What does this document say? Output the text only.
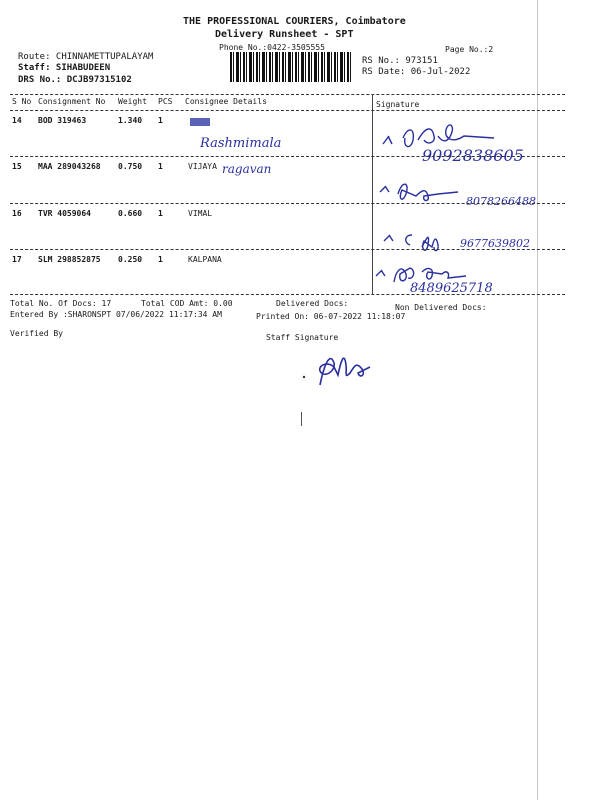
THE PROFESSIONAL COURIERS, Coimbatore
Delivery Runsheet - SPT
Phone No.:0422-3505555	Page No.:2
RS No.: 973151
RS Date: 06-Jul-2022
Route: CHINNAMETTUPALAYAM
Staff: SIHABUDEEN
DRS No.: DCJB97315102
S No Consignment No Weight PCS Consignee Details	Signature
14 BOD 319463	1.340 1
Rashmimala
9092838605
15 MAA 289043268 0.750 1	VIJAYA ragavan
8078266488
16 TVR 4059064	0.660 1	VIMAL
9677639802
17 SLM 298852875 0.250 1	KALPANA
8489625718
Total No. Of Docs: 17	Total COD Amt: 0.00	Delivered Docs:	Non Delivered Docs:
Entered By :SHARONSPT 07/06/2022 11:17:34 AM	Printed On: 06-07-2022 11:18:07
Verified By	Staff Signature
